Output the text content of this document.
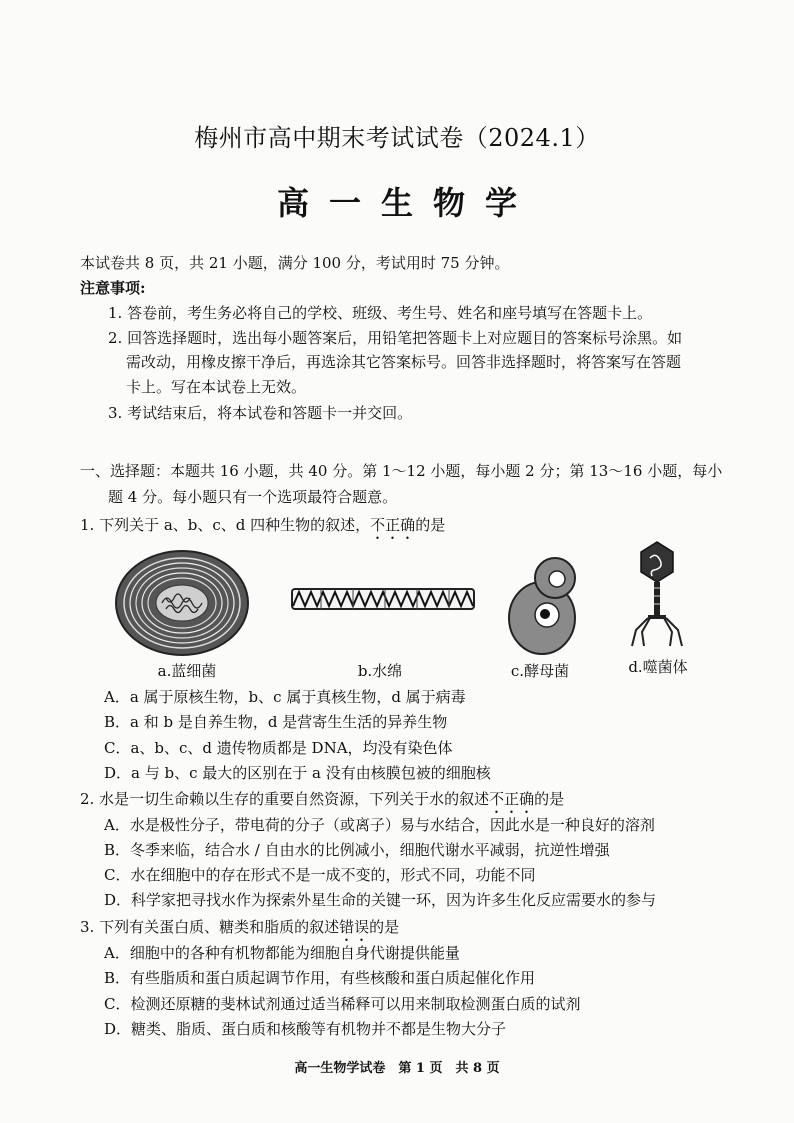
梅州市高中期末考试试卷（2024.1）
高一生物学
本试卷共 8 页，共 21 小题，满分 100 分，考试用时 75 分钟。
注意事项:
1. 答卷前，考生务必将自己的学校、班级、考生号、姓名和座号填写在答题卡上。
2. 回答选择题时，选出每小题答案后，用铅笔把答题卡上对应题目的答案标号涂黑。如
需改动，用橡皮擦干净后，再选涂其它答案标号。回答非选择题时，将答案写在答题
卡上。写在本试卷上无效。
3. 考试结束后，将本试卷和答题卡一并交回。
一、选择题：本题共 16 小题，共 40 分。第 1～12 小题，每小题 2 分；第 13～16 小题，每小
题 4 分。每小题只有一个选项最符合题意。
1. 下列关于 a、b、c、d 四种生物的叙述，不正确的是
a.蓝细菌	b.水绵	c.酵母菌	d.噬菌体
A．a 属于原核生物，b、c 属于真核生物，d 属于病毒
B．a 和 b 是自养生物，d 是营寄生生活的异养生物
C．a、b、c、d 遗传物质都是 DNA，均没有染色体
D．a 与 b、c 最大的区别在于 a 没有由核膜包被的细胞核
2. 水是一切生命赖以生存的重要自然资源，下列关于水的叙述不正确的是
A．水是极性分子，带电荷的分子（或离子）易与水结合，因此水是一种良好的溶剂
B．冬季来临，结合水 / 自由水的比例减小，细胞代谢水平减弱，抗逆性增强
C．水在细胞中的存在形式不是一成不变的，形式不同，功能不同
D．科学家把寻找水作为探索外星生命的关键一环，因为许多生化反应需要水的参与
3. 下列有关蛋白质、糖类和脂质的叙述错误的是
A．细胞中的各种有机物都能为细胞自身代谢提供能量
B．有些脂质和蛋白质起调节作用，有些核酸和蛋白质起催化作用
C．检测还原糖的斐林试剂通过适当稀释可以用来制取检测蛋白质的试剂
D．糖类、脂质、蛋白质和核酸等有机物并不都是生物大分子
高一生物学试卷　第 1 页　共 8 页
